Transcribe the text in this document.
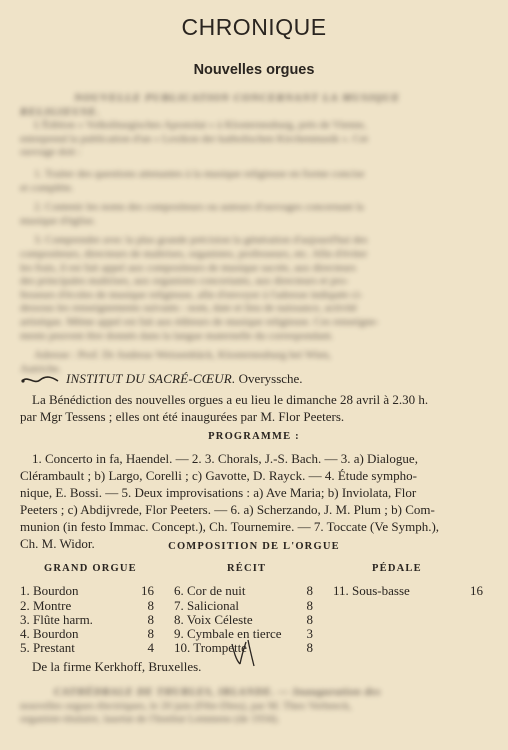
CHRONIQUE
Nouvelles orgues
NOUVELLE PUBLICATION CONCERNANT LA MUSIQUE
RELIGIEUSE.
L'Édition « Volksliturgisches Apostolat » à Klosterneuburg, près de Vienne,
entreprend la publication d'un « Lexikon der katholischen Kirchenmusik ». Cet
ouvrage doit :
1. Traiter des questions attenantes à la musique religieuse en forme concise
et complète.
2. Contenir les noms des compositeurs ou auteurs d'ouvrages concernant la
musique d'église.
3. Comprendre avec la plus grande précision la génération d'aujourd'hui des
compositeurs, directeurs de maîtrises, organistes, professeurs, etc. Afin d'éviter
les frais, il est fait appel aux compositeurs de musique sacrée, aux directeurs
des principales maîtrises, aux organistes concertants, aux directeurs et pro-
fesseurs d'écoles de musique religieuse, afin d'envoyer à l'adresse indiquée ci-
dessous les renseignements suivants : nom, date et lieu de naissance, activité
artistique. Même appel est fait aux éditeurs de musique religieuse. Ces renseigne-
ments peuvent être donnés dans la langue maternelle du correspondant.
Adresse : Prof. Dr Andreas Weissenbäck, Klosterneuburg bei Wien,
Autriche.
INSTITUT DU SACRÉ-CŒUR. Overyssche.
La Bénédiction des nouvelles orgues a eu lieu le dimanche 28 avril à 2.30 h.
par Mgr Tessens ; elles ont été inaugurées par M. Flor Peeters.
PROGRAMME :
1. Concerto in fa, Haendel. — 2. 3. Chorals, J.-S. Bach. — 3. a) Dialogue,
Clérambault ; b) Largo, Corelli ; c) Gavotte, D. Rayck. — 4. Étude sympho-
nique, E. Bossi. — 5. Deux improvisations : a) Ave Maria; b) Inviolata, Flor
Peeters ; c) Abdijvrede, Flor Peeters. — 6. a) Scherzando, J. M. Plum ; b) Com-
munion (in festo Immac. Concept.), Ch. Tournemire. — 7. Toccate (Ve Symph.),
Ch. M. Widor.	COMPOSITION DE L'ORGUE
GRAND ORGUE	RÉCIT	PÉDALE
1. Bourdon	16
2. Montre	8
3. Flûte harm.	8
4. Bourdon	8
5. Prestant	4
6. Cor de nuit	8
7. Salicional	8
8. Voix Céleste	8
9. Cymbale en tierce 3
10. Trompette	8
11. Sous-basse	16
De la firme Kerkhoff, Bruxelles.
CATHÉDRALE DE THURLES, IRLANDE. — Inauguration des
nouvelles orgues électriques, le 20 juin (Fête-Dieu), par M. Theo Verbeeck,
organiste-titulaire, lauréat de l'Institut Lemmens (de 1934).
